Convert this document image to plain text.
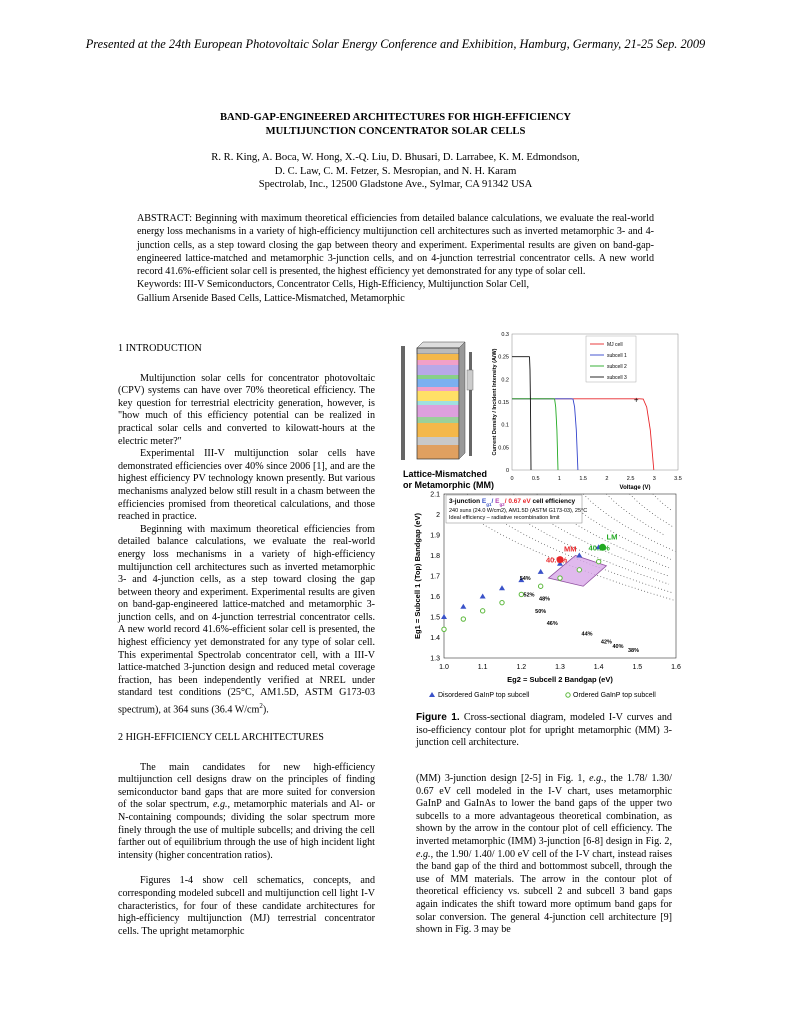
Presented at the 24th European Photovoltaic Solar Energy Conference and Exhibition, Hamburg, Germany, 21-25 Sep. 2009
BAND-GAP-ENGINEERED ARCHITECTURES FOR HIGH-EFFICIENCY
MULTIJUNCTION CONCENTRATOR SOLAR CELLS
R. R. King, A. Boca, W. Hong, X.-Q. Liu, D. Bhusari, D. Larrabee, K. M. Edmondson,
D. C. Law, C. M. Fetzer, S. Mesropian, and N. H. Karam
Spectrolab, Inc., 12500 Gladstone Ave., Sylmar, CA 91342 USA
ABSTRACT: Beginning with maximum theoretical efficiencies from detailed balance calculations, we evaluate the real-world energy loss mechanisms in a variety of high-efficiency multijunction cell architectures such as inverted metamorphic 3- and 4-junction cells, as a step toward closing the gap between theory and experiment. Experimental results are given on band-gap-engineered lattice-matched and metamorphic 3-junction cells, and on 4-junction terrestrial concentrator cells. A new world record 41.6%-efficient solar cell is presented, the highest efficiency yet demonstrated for any type of solar cell.
Keywords: III-V Semiconductors, Concentrator Cells, High-Efficiency, Multijunction Solar Cell,
Gallium Arsenide Based Cells, Lattice-Mismatched, Metamorphic

1 INTRODUCTION

Multijunction solar cells for concentrator photovoltaic (CPV) systems can have over 70% theoretical efficiency. The key question for terrestrial electricity generation, however, is "how much of this efficiency potential can be realized in practical solar cells and converted to kilowatt-hours at the electric meter?"

Experimental III-V multijunction solar cells have demonstrated efficiencies over 40% since 2006 [1], and are the highest efficiency PV technology known presently. But various mechanisms analyzed below still result in a chasm between the efficiencies promised from theoretical calculations, and those reached in practice.

Beginning with maximum theoretical efficiencies from detailed balance calculations, we evaluate the real-world energy loss mechanisms in a variety of high-efficiency multijunction cell architectures such as inverted metamorphic 3- and 4-junction cells, as a step toward closing the gap between theory and experiment. Experimental results are given on band-gap-engineered lattice-matched and metamorphic 3-junction cells, and on 4-junction terrestrial concentrator cells. A new world record 41.6%-efficient solar cell is presented, the highest efficiency yet demonstrated for any type of solar cell. This experimental Spectrolab concentrator cell, with a III-V lattice-matched 3-junction design and reduced metal coverage fraction, has been independently verified at NREL under standard test conditions (25°C, AM1.5D, ASTM G173-03 spectrum), at 364 suns (36.4 $W/cm^2$).

2 HIGH-EFFICIENCY CELL ARCHITECTURES

The main candidates for new high-efficiency multijunction cell designs draw on the principles of finding semiconductor band gaps that are more suited for conversion of the solar spectrum, e.g., metamorphic materials and Al- or N-containing compounds; dividing the solar spectrum more finely through the use of multiple subcells; and driving the cell farther out of equilibrium through the use of high incident light intensity (higher concentration ratios).

Figures 1-4 show cell schematics, concepts, and corresponding modeled subcell and multijunction cell light I-V characteristics, for four of these candidate architectures for high-efficiency multijunction (MJ) terrestrial concentrator cells. The upright metamorphic

Lattice-Mismatched
or Metamorphic (MM)
0	0.5	1	1.5	2	2.5	3	3.5
0
0.05
0.1
0.15
0.2
0.25
0.3
Voltage (V)
Current Density / Incident Intensity (A/W)	+
MJ cell
subcell 1
subcell 2
subcell 3
1.0	1.1	1.2	1.3	1.4	1.5	1.6
1.3
1.4
1.5
1.6
1.7
1.8
1.9
2
2.1
Eg2 = Subcell 2 Bandgap (eV)
Eg1 = Subcell 1 (Top) Bandgap (eV)
3-junction $E_{g1}/$ $E_{g2}/$ 0.67 eV cell efficiency
240 suns (24.0 W/cm2), AM1.5D (ASTM G173-03), 25°C
Ideal efficiency – radiative recombination limit
MM
40.7%
LM
40.1%
54%
52%
50%
48%
46%
44%
42%
40%
38%
Disordered GaInP top subcell	Ordered GaInP top subcell
Figure 1. Cross-sectional diagram, modeled I-V curves and iso-efficiency contour plot for upright metamorphic (MM) 3-junction cell architecture.

(MM) 3-junction design [2-5] in Fig. 1, e.g., the 1.78/ 1.30/ 0.67 eV cell modeled in the I-V chart, uses metamorphic GaInP and GaInAs to lower the band gaps of the upper two subcells to a more advantageous theoretical combination, as shown by the arrow in the contour plot of cell efficiency. The inverted metamorphic (IMM) 3-junction [6-8] design in Fig. 2, e.g., the 1.90/ 1.40/ 1.00 eV cell of the I-V chart, instead raises the band gap of the third and bottommost subcell, through the use of MM materials. The arrow in the contour plot of theoretical efficiency vs. subcell 2 and subcell 3 band gaps again indicates the shift toward more optimum band gaps for solar conversion. The general 4-junction cell architecture [9] shown in Fig. 3 may be
